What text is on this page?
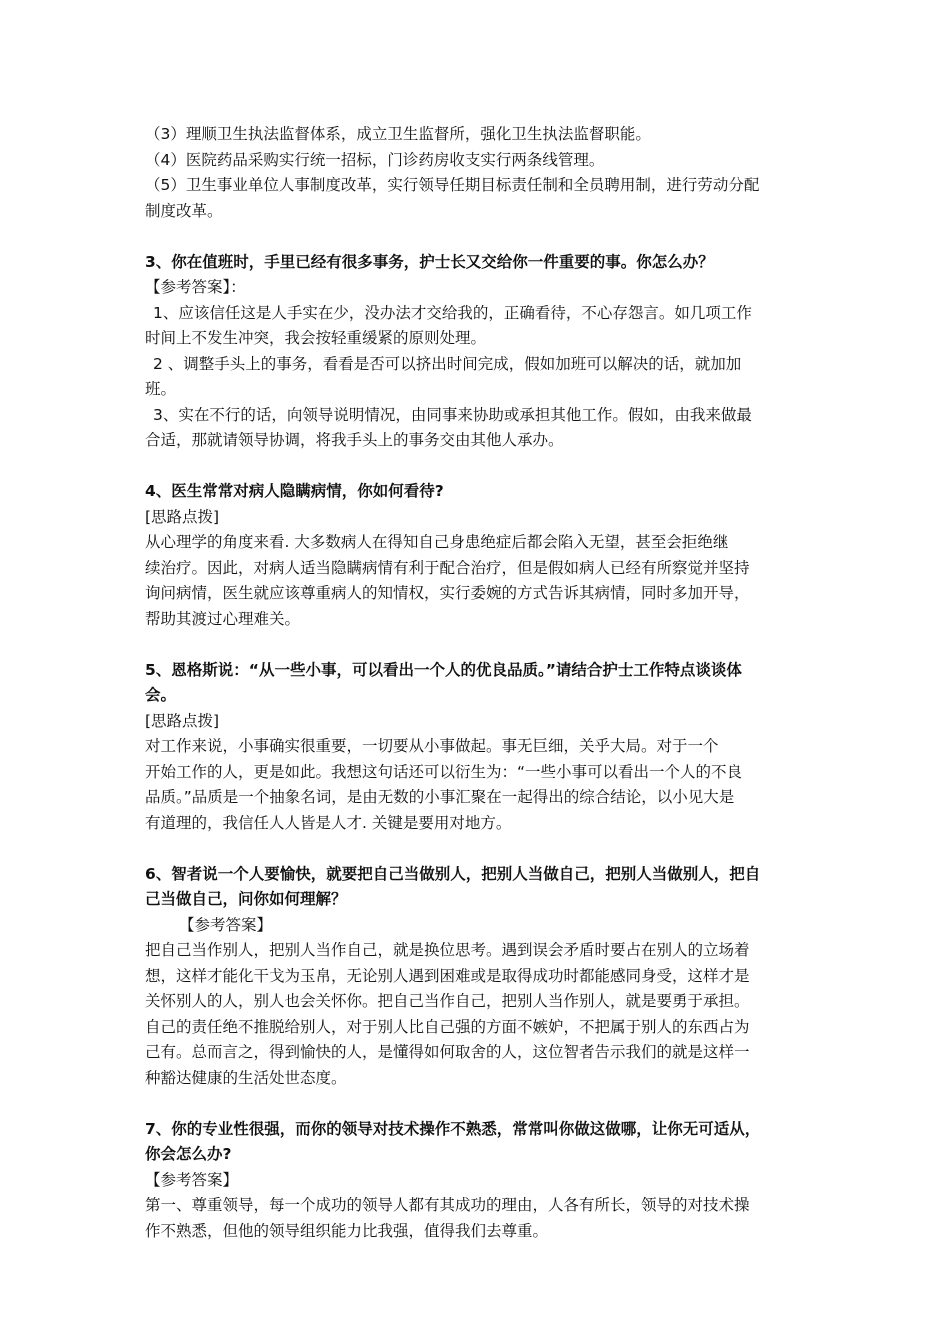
（3）理顺卫生执法监督体系，成立卫生监督所，强化卫生执法监督职能。
（4）医院药品采购实行统一招标，门诊药房收支实行两条线管理。
（5）卫生事业单位人事制度改革，实行领导任期目标责任制和全员聘用制，进行劳动分配
制度改革。
3、你在值班时，手里已经有很多事务，护士长又交给你一件重要的事。你怎么办？
【参考答案】：
1、应该信任这是人手实在少，没办法才交给我的，正确看待，不心存怨言。如几项工作
时间上不发生冲突，我会按轻重缓紧的原则处理。
2 、调整手头上的事务，看看是否可以挤出时间完成，假如加班可以解决的话，就加加
班。
3、实在不行的话，向领导说明情况，由同事来协助或承担其他工作。假如，由我来做最
合适，那就请领导协调，将我手头上的事务交由其他人承办。
4、医生常常对病人隐瞒病情，你如何看待?
[思路点拨]
从心理学的角度来看. 大多数病人在得知自己身患绝症后都会陷入无望，甚至会拒绝继
续治疗。因此，对病人适当隐瞒病情有利于配合治疗，但是假如病人已经有所察觉并坚持
询问病情，医生就应该尊重病人的知情权，实行委婉的方式告诉其病情，同时多加开导，
帮助其渡过心理难关。
5、恩格斯说：“从一些小事，可以看出一个人的优良品质。”请结合护士工作特点谈谈体
会。
[思路点拨]
对工作来说，小事确实很重要，一切要从小事做起。事无巨细，关乎大局。对于一个
开始工作的人，更是如此。我想这句话还可以衍生为：“一些小事可以看出一个人的不良
品质。”品质是一个抽象名词，是由无数的小事汇聚在一起得出的综合结论，以小见大是
有道理的，我信任人人皆是人才. 关键是要用对地方。
6、智者说一个人要愉快，就要把自己当做别人，把别人当做自己，把别人当做别人，把自
己当做自己，问你如何理解？
【参考答案】
把自己当作别人，把别人当作自己，就是换位思考。遇到误会矛盾时要占在别人的立场着
想，这样才能化干戈为玉帛，无论别人遇到困难或是取得成功时都能感同身受，这样才是
关怀别人的人，别人也会关怀你。把自己当作自己，把别人当作别人，就是要勇于承担。
自己的责任绝不推脱给别人，对于别人比自己强的方面不嫉妒，不把属于别人的东西占为
己有。总而言之，得到愉快的人，是懂得如何取舍的人，这位智者告示我们的就是这样一
种豁达健康的生活处世态度。
7、你的专业性很强，而你的领导对技术操作不熟悉，常常叫你做这做哪，让你无可适从，
你会怎么办?
【参考答案】
第一、尊重领导，每一个成功的领导人都有其成功的理由，人各有所长，领导的对技术操
作不熟悉，但他的领导组织能力比我强，值得我们去尊重。
